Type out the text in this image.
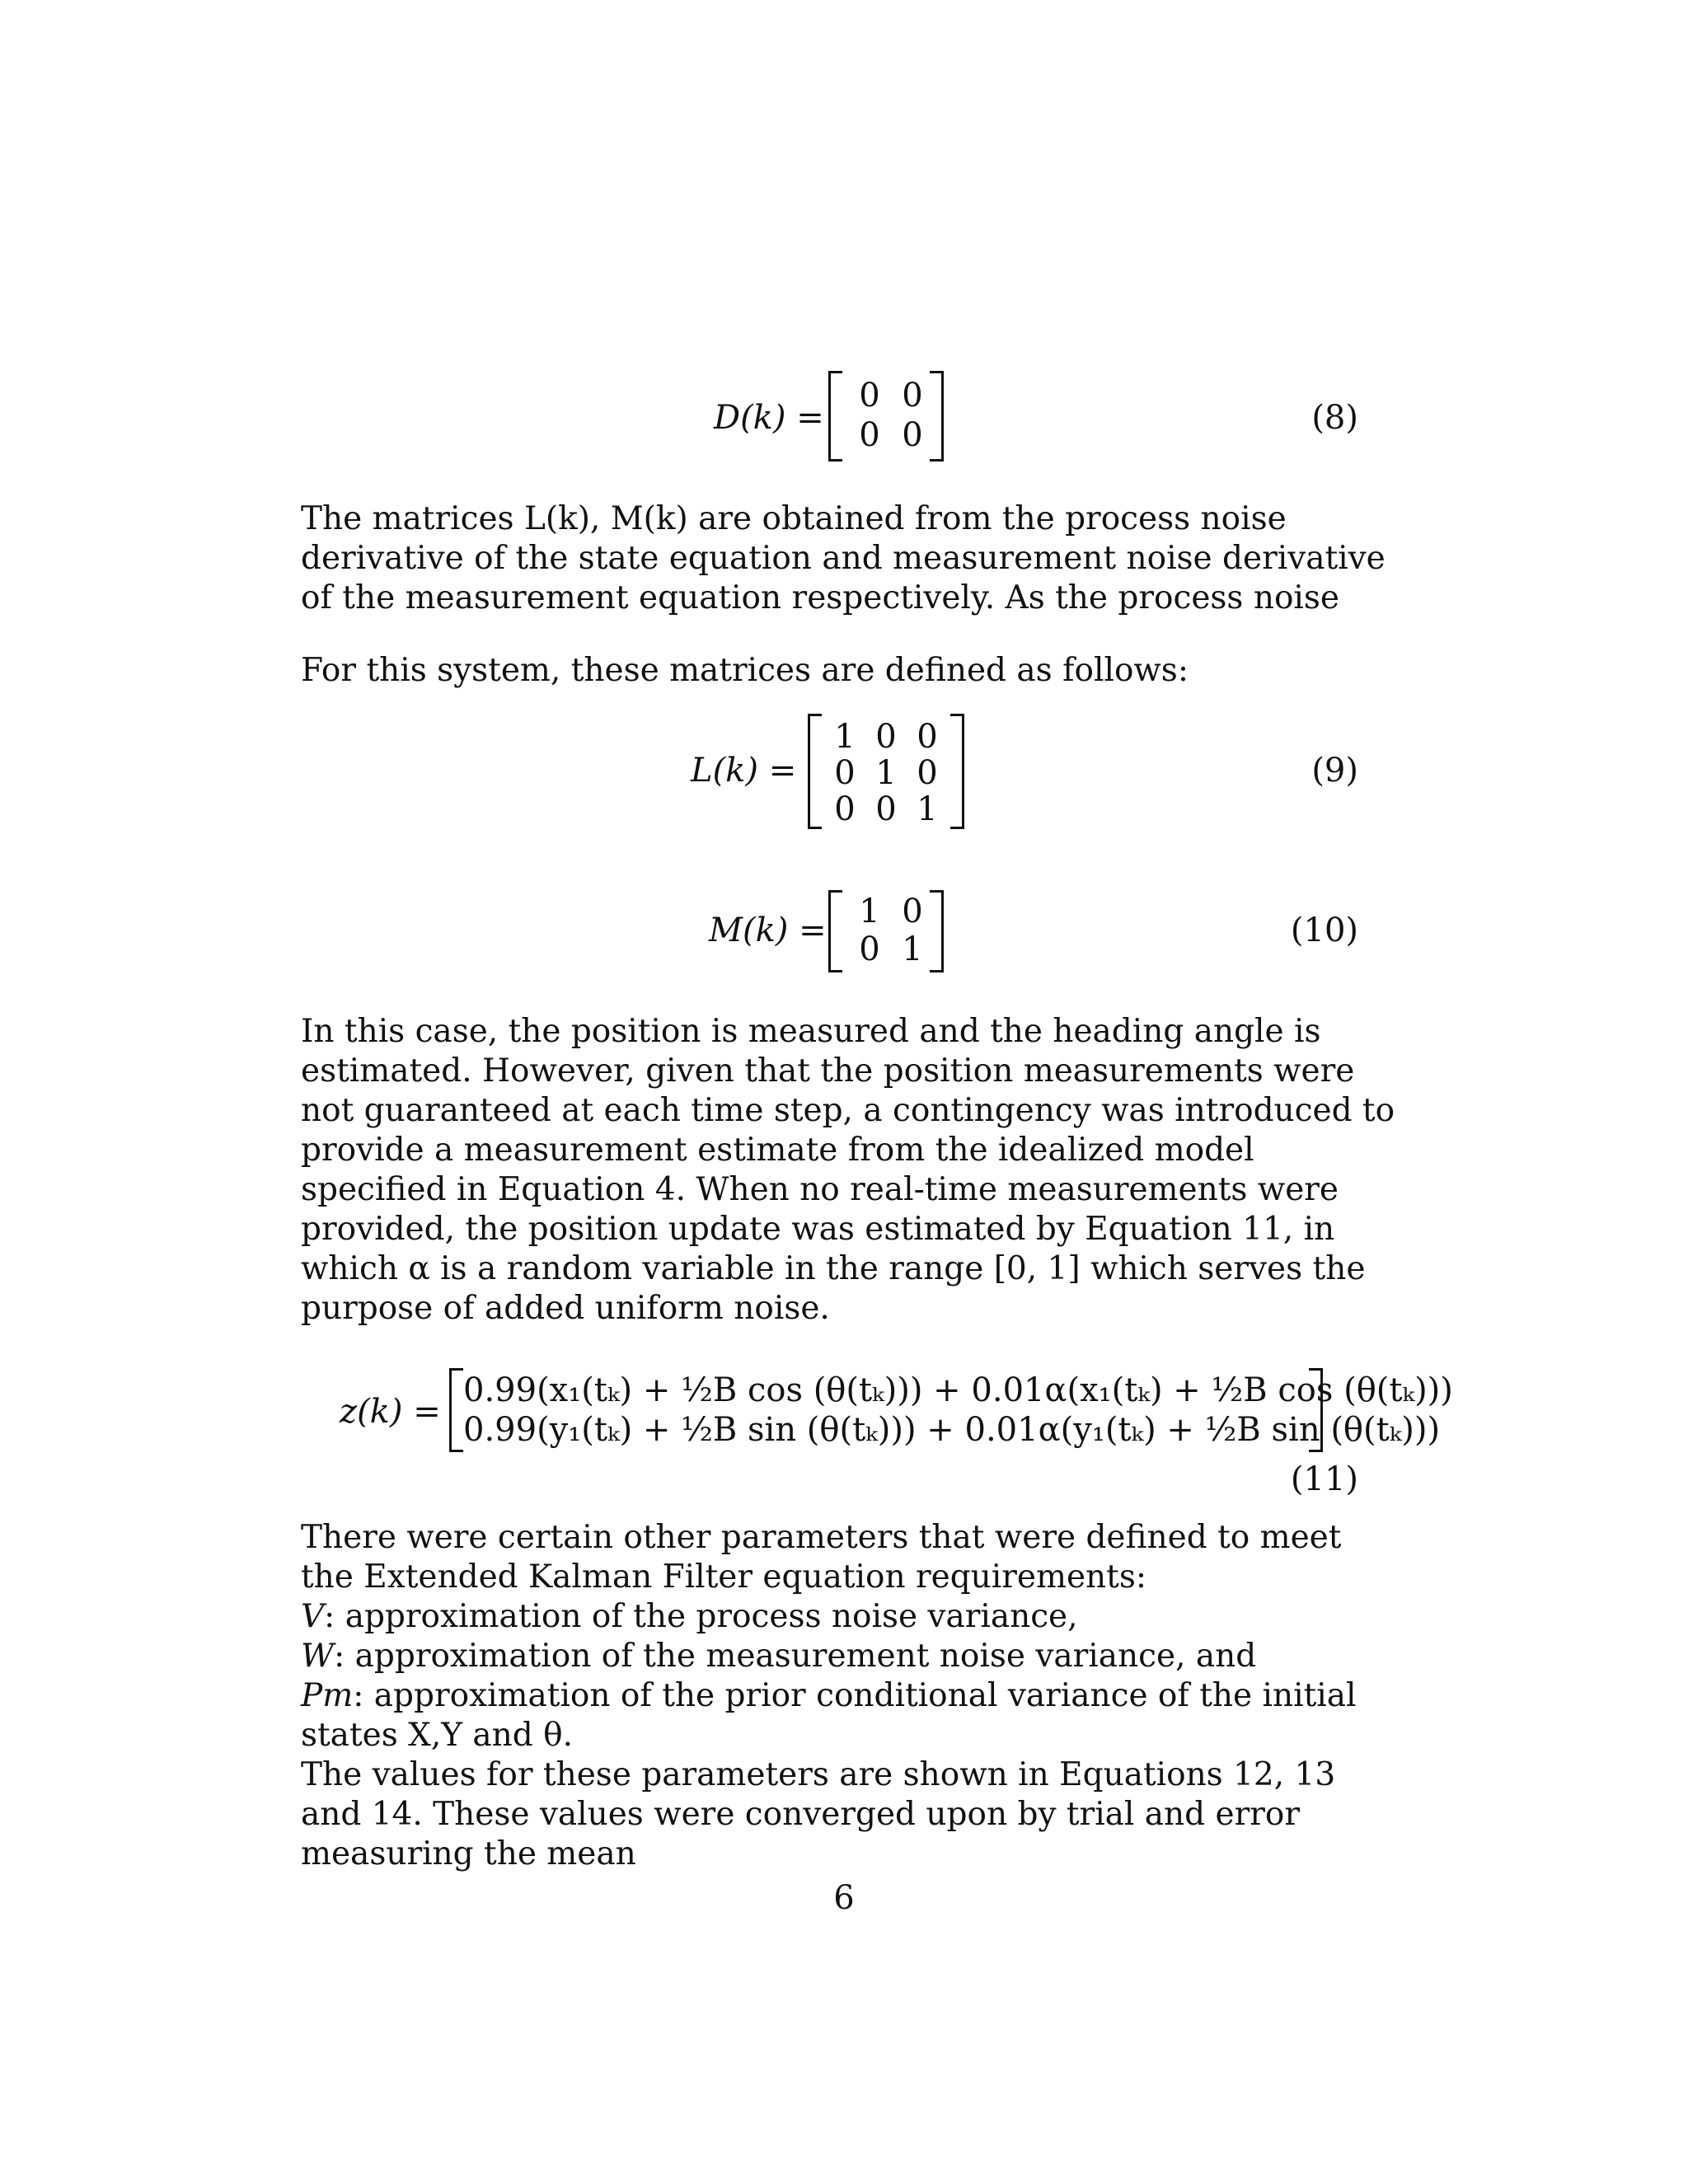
D(k) =
0 0
0 0	(8)

The matrices L(k), M(k) are obtained from the process noise derivative of the state equation and measurement noise derivative of the measurement equation respectively. As the process noise

For this system, these matrices are defined as follows:

L(k) =
1 0 0
0 1 0
0 0 1
(9)
M(k) = 1 0
0 1	(10)

In this case, the position is measured and the heading angle is estimated. However, given that the position measurements were not guaranteed at each time step, a contingency was introduced to provide a measurement estimate from the idealized model specified in Equation 4. When no real-time measurements were provided, the position update was estimated by Equation 11, in which α is a random variable in the range [0, 1] which serves the purpose of added uniform noise.

z(k) =
0.99(x₁(tₖ) + ½B cos (θ(tₖ))) + 0.01α(x₁(tₖ) + ½B cos (θ(tₖ)))
0.99(y₁(tₖ) + ½B sin (θ(tₖ))) + 0.01α(y₁(tₖ) + ½B sin (θ(tₖ)))
(11)

There were certain other parameters that were defined to meet the Extended Kalman Filter equation requirements:

V: approximation of the process noise variance,

W: approximation of the measurement noise variance, and

Pm: approximation of the prior conditional variance of the initial states X,Y and θ.

The values for these parameters are shown in Equations 12, 13 and 14. These values were converged upon by trial and error measuring the mean

6
